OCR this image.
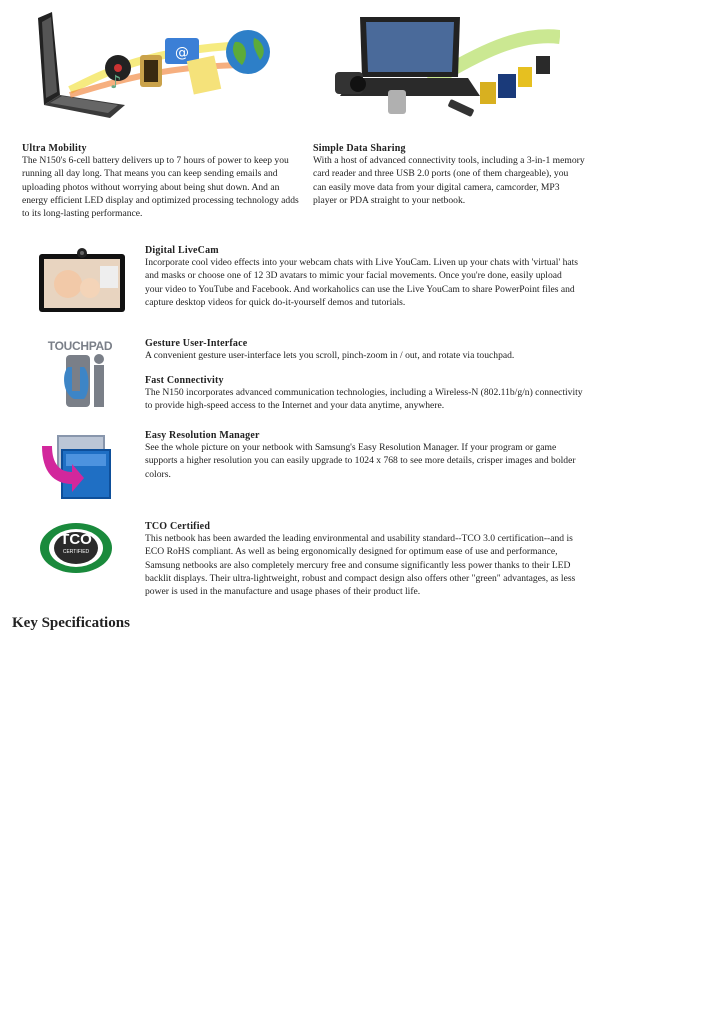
♪
@
Ultra Mobility
The N150's 6-cell battery delivers up to 7 hours of power to keep you
running all day long. That means you can keep sending emails and
uploading photos without worrying about being shut down. And an
energy efficient LED display and optimized processing technology adds
to its long-lasting performance.
Simple Data Sharing
With a host of advanced connectivity tools, including a 3-in-1 memory
card reader and three USB 2.0 ports (one of them chargeable), you
can easily move data from your digital camera, camcorder, MP3
player or PDA straight to your netbook.
TOUCHPAD
TCO
CERTIFIED
Digital LiveCam
Incorporate cool video effects into your webcam chats with Live YouCam. Liven up your chats with 'virtual' hats
and masks or choose one of 12 3D avatars to mimic your facial movements. Once you're done, easily upload
your video to YouTube and Facebook. And workaholics can use the Live YouCam to share PowerPoint files and
capture desktop videos for quick do-it-yourself demos and tutorials.
Gesture User-Interface
A convenient gesture user-interface lets you scroll, pinch-zoom in / out, and rotate via touchpad.
Fast Connectivity
The N150 incorporates advanced communication technologies, including a Wireless-N (802.11b/g/n) connectivity
to provide high-speed access to the Internet and your data anytime, anywhere.
Easy Resolution Manager
See the whole picture on your netbook with Samsung's Easy Resolution Manager. If your program or game
supports a higher resolution you can easily upgrade to 1024 x 768 to see more details, crisper images and bolder
colors.
TCO Certified
This netbook has been awarded the leading environmental and usability standard--TCO 3.0 certification--and is
ECO RoHS compliant. As well as being ergonomically designed for optimum ease of use and performance,
Samsung netbooks are also completely mercury free and consume significantly less power thanks to their LED
backlit displays. Their ultra-lightweight, robust and compact design also offers other "green" advantages, as less
power is used in the manufacture and usage phases of their product life.
Key Specifications
